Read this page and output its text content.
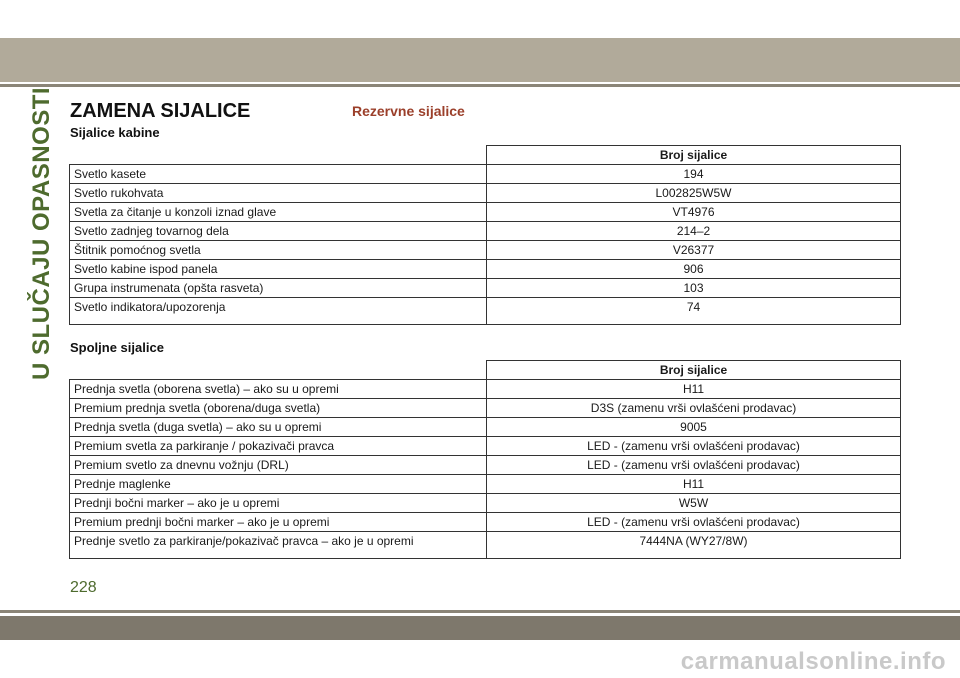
U SLUČAJU OPASNOSTI ZAMENA SIJALICE	Rezervne sijalice
Sijalice kabine
	Broj sijalice
Svetlo kasete	194
Svetlo rukohvata	L002825W5W
Svetla za čitanje u konzoli iznad glave	VT4976
Svetlo zadnjeg tovarnog dela	214–2
Štitnik pomoćnog svetla	V26377
Svetlo kabine ispod panela	906
Grupa instrumenata (opšta rasveta)	103
Svetlo indikatora/upozorenja	74
Spoljne sijalice
	Broj sijalice
Prednja svetla (oborena svetla) – ako su u opremi	H11
Premium prednja svetla (oborena/duga svetla)	D3S (zamenu vrši ovlašćeni prodavac)
Prednja svetla (duga svetla) – ako su u opremi	9005
Premium svetla za parkiranje / pokazivači pravca	LED - (zamenu vrši ovlašćeni prodavac)
Premium svetlo za dnevnu vožnju (DRL)	LED - (zamenu vrši ovlašćeni prodavac)
Prednje maglenke	H11
Prednji bočni marker – ako je u opremi	W5W
Premium prednji bočni marker – ako je u opremi	LED - (zamenu vrši ovlašćeni prodavac)
Prednje svetlo za parkiranje/pokazivač pravca – ako je u opremi	7444NA (WY27/8W)
228
carmanualsonline.info
